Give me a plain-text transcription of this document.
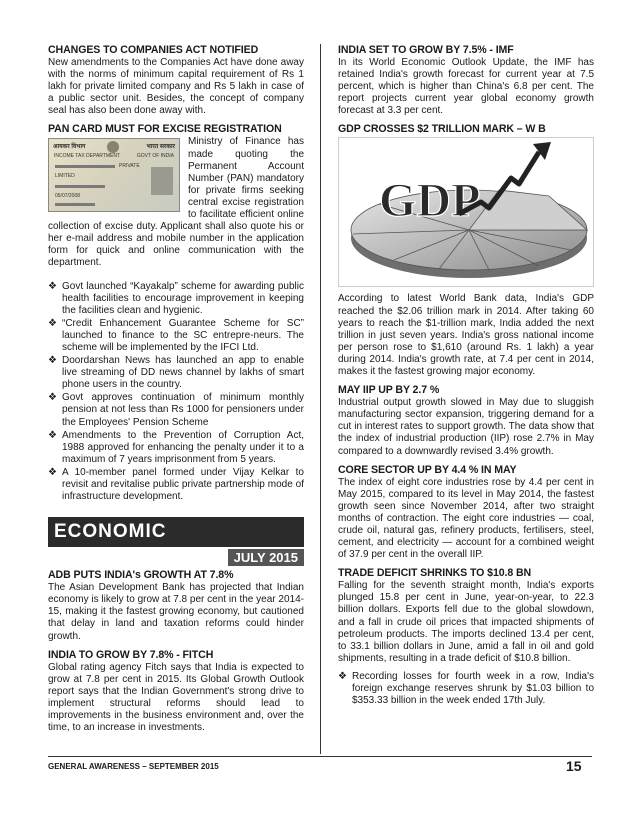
CHANGES TO COMPANIES ACT NOTIFIED

New amendments to the Companies Act have done away with the norms of minimum capital requirement of Rs 1 lakh for private limited company and Rs 5 lakh in case of a public sector unit. Besides, the concept of company seal has also been done away with.

PAN CARD MUST FOR EXCISE REGISTRATION
आयकर विभाग	भारत सरकार
INCOME TAX DEPARTMENT	GOVT OF INDIA
PRIVATE
LIMITED
05/07/2008

Ministry of Finance has made quoting the Permanent Account Number (PAN) mandatory for private firms seeking central excise registration to facilitate efficient online collection of excise duty. Applicant shall also quote his or her e-mail address and mobile number in the application form for quick and online communication with the department.

❖ Govt launched “Kayakalp” scheme for awarding public health facilities to encourage improvement in keeping the facilities clean and hygienic.
❖ “Credit Enhancement Guarantee Scheme for SC” launched to finance to the SC entrepre-neurs. The scheme will be implemented by the IFCI Ltd.
❖ Doordarshan News has launched an app to enable live streaming of DD news channel by lakhs of smart phone users in the country.
❖ Govt approves continuation of minimum monthly pension at not less than Rs 1000 for pensioners under the Employees' Pension Scheme
❖ Amendments to the Prevention of Corruption Act, 1988 approved for enhancing the penalty under it to a maximum of 7 years imprisonment from 5 years.
❖ A 10-member panel formed under Vijay Kelkar to revisit and revitalise public private partnership mode of infrastructure development.
ECONOMIC INDICATORS	JULY 2015
ADB PUTS INDIA's GROWTH AT 7.8%

The Asian Development Bank has projected that Indian economy is likely to grow at 7.8 per cent in the year 2014-15, making it the fastest growing economy, but cautioned that delay in land and taxation reforms could hinder growth.

INDIA TO GROW BY 7.8% - FITCH

Global rating agency Fitch says that India is expected to grow at 7.8 per cent in 2015. Its Global Growth Outlook report says that the Indian Government's strong drive to implement structural reforms should lead to improvements in the business environment and, over the time, to an increase in investments.

INDIA SET TO GROW BY 7.5% - IMF

In its World Economic Outlook Update, the IMF has retained India's growth forecast for current year at 7.5 percent, which is higher than China's 6.8 per cent. The report projects current year global economy growth forecast at 3.3 per cent.

GDP CROSSES $2 TRILLION MARK – W B
GDP

According to latest World Bank data, India's GDP reached the $2.06 trillion mark in 2014. After taking 60 years to reach the $1-trillion mark, India added the next trillion in just seven years. India's gross national income per person rose to $1,610 (around Rs. 1 lakh) a year during 2014. India's growth rate, at 7.4 per cent in 2014, makes it the fastest growing major economy.

MAY IIP UP BY 2.7 %

Industrial output growth slowed in May due to sluggish manufacturing sector expansion, triggering demand for a cut in interest rates to support growth. The data show that the index of industrial production (IIP) rose 2.7% in May compared to a downwardly revised 3.4% growth.

CORE SECTOR UP BY 4.4 % IN MAY

The index of eight core industries rose by 4.4 per cent in May 2015, compared to its level in May 2014, the fastest growth seen since November 2014, after two straight months of contraction. The eight core industries — coal, crude oil, natural gas, refinery products, fertilisers, steel, cement, and electricity — account for a combined weight of 37.9 per cent in the overall IIP.

TRADE DEFICIT SHRINKS TO $10.8 BN

Falling for the seventh straight month, India's exports plunged 15.8 per cent in June, year-on-year, to 22.3 billion dollars. Exports fell due to the global slowdown, and a fall in crude oil prices that impacted shipments of petroleum products. The imports declined 13.4 per cent, to 33.1 billion dollars in June, amid a fall in oil and gold shipments, resulting in a trade deficit of $10.8 billion.

❖ Recording losses for fourth week in a row, India's foreign exchange reserves shrunk by $1.03 billion to $353.33 billion in the week ended 17th July.
GENERAL AWARENESS – SEPTEMBER 2015	15
